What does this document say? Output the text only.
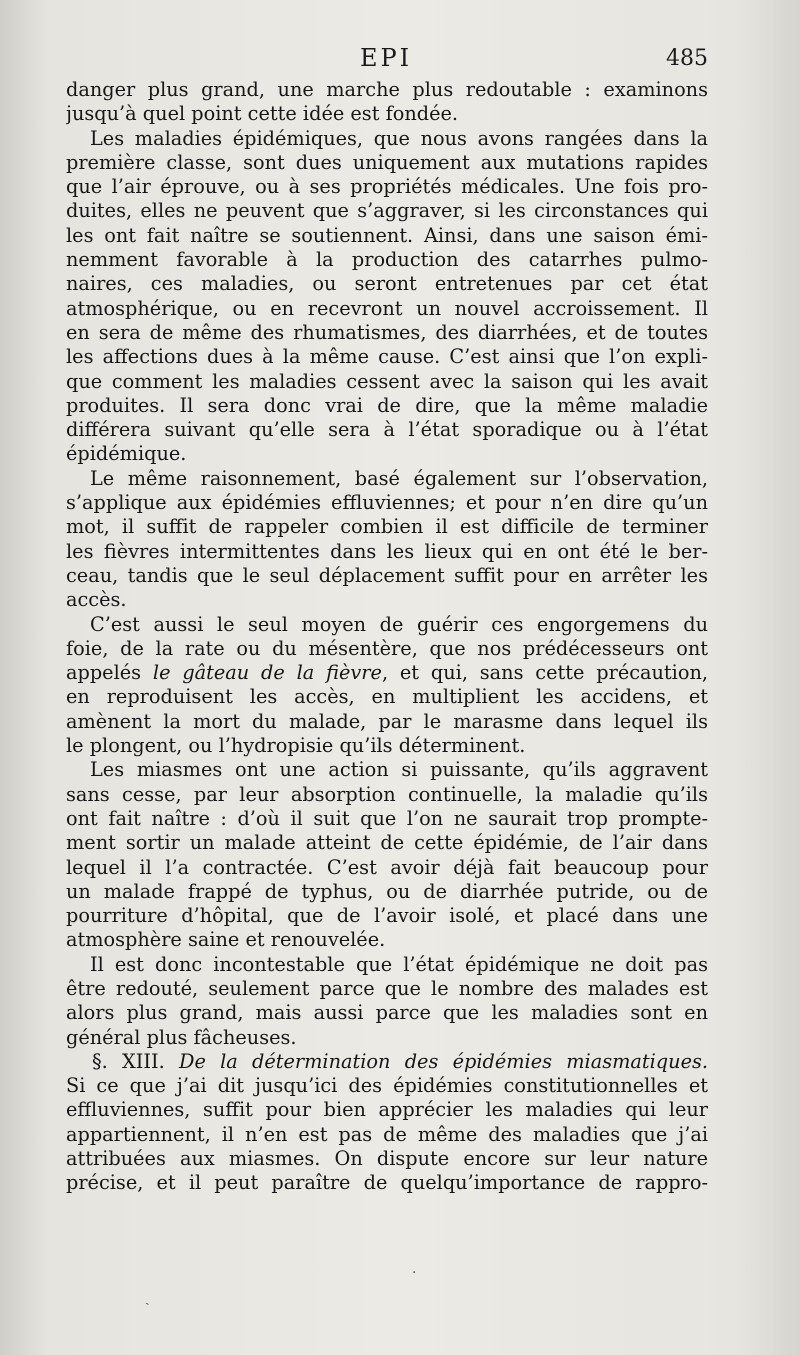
EPI	485
danger plus grand, une marche plus redoutable : examinons
jusqu’à quel point cette idée est fondée.
Les maladies épidémiques, que nous avons rangées dans la
première classe, sont dues uniquement aux mutations rapides
que l’air éprouve, ou à ses propriétés médicales. Une fois pro-
duites, elles ne peuvent que s’aggraver, si les circonstances qui
les ont fait naître se soutiennent. Ainsi, dans une saison émi-
nemment favorable à la production des catarrhes pulmo-
naires, ces maladies, ou seront entretenues par cet état
atmosphérique, ou en recevront un nouvel accroissement. Il
en sera de même des rhumatismes, des diarrhées, et de toutes
les affections dues à la même cause. C’est ainsi que l’on expli-
que comment les maladies cessent avec la saison qui les avait
produites. Il sera donc vrai de dire, que la même maladie
différera suivant qu’elle sera à l’état sporadique ou à l’état
épidémique.
Le même raisonnement, basé également sur l’observation,
s’applique aux épidémies effluviennes; et pour n’en dire qu’un
mot, il suffit de rappeler combien il est difficile de terminer
les fièvres intermittentes dans les lieux qui en ont été le ber-
ceau, tandis que le seul déplacement suffit pour en arrêter les
accès.
C’est aussi le seul moyen de guérir ces engorgemens du
foie, de la rate ou du mésentère, que nos prédécesseurs ont
appelés le gâteau de la fièvre, et qui, sans cette précaution,
en reproduisent les accès, en multiplient les accidens, et
amènent la mort du malade, par le marasme dans lequel ils
le plongent, ou l’hydropisie qu’ils déterminent.
Les miasmes ont une action si puissante, qu’ils aggravent
sans cesse, par leur absorption continuelle, la maladie qu’ils
ont fait naître : d’où il suit que l’on ne saurait trop prompte-
ment sortir un malade atteint de cette épidémie, de l’air dans
lequel il l’a contractée. C’est avoir déjà fait beaucoup pour
un malade frappé de typhus, ou de diarrhée putride, ou de
pourriture d’hôpital, que de l’avoir isolé, et placé dans une
atmosphère saine et renouvelée.
Il est donc incontestable que l’état épidémique ne doit pas
être redouté, seulement parce que le nombre des malades est
alors plus grand, mais aussi parce que les maladies sont en
général plus fâcheuses.
§. XIII. De la détermination des épidémies miasmatiques.
Si ce que j’ai dit jusqu’ici des épidémies constitutionnelles et
effluviennes, suffit pour bien apprécier les maladies qui leur
appartiennent, il n’en est pas de même des maladies que j’ai
attribuées aux miasmes. On dispute encore sur leur nature
précise, et il peut paraître de quelqu’importance de rappro-
ˎ
·
